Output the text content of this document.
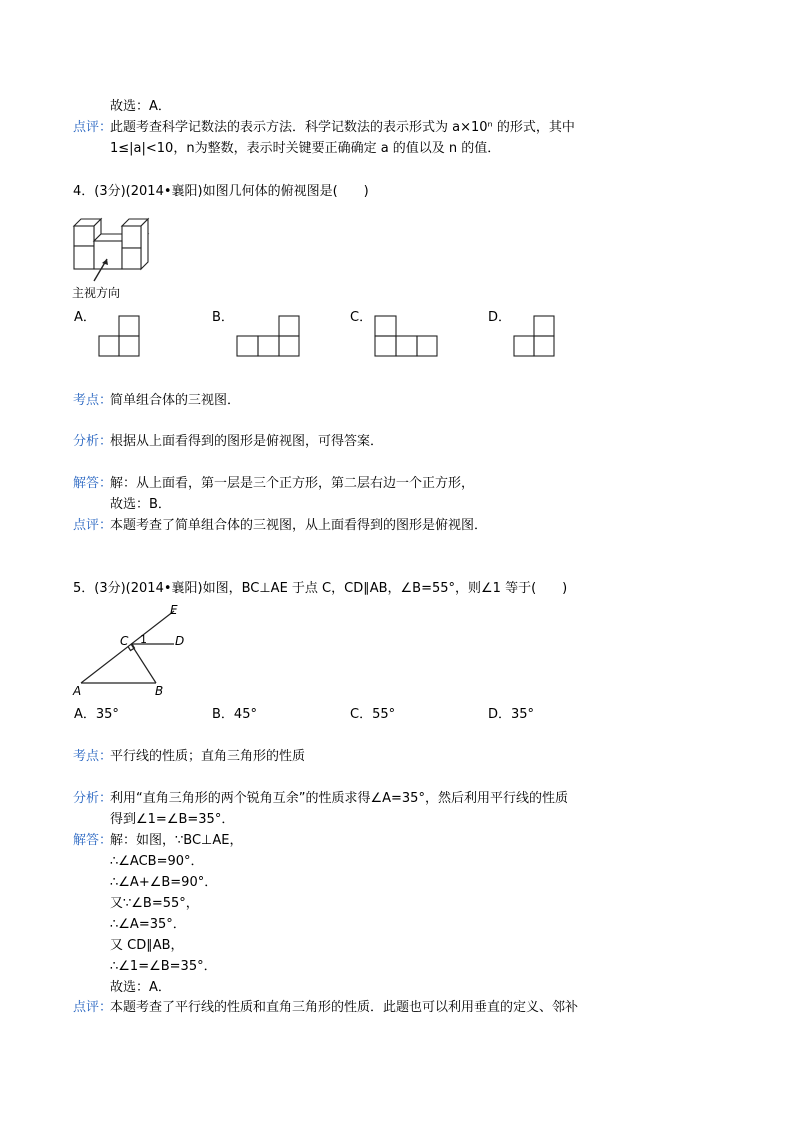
故选：A．
点评：
此题考查科学记数法的表示方法．科学记数法的表示形式为 a×10ⁿ 的形式，其中
1≤|a|<10，n为整数，表示时关键要正确确定 a 的值以及 n 的值．
4．(3分)(2014•襄阳)如图几何体的俯视图是(　　)
主视方向
A．	B．	C．	D．
考点：
简单组合体的三视图．
分析：
根据从上面看得到的图形是俯视图，可得答案．
解答：
解：从上面看，第一层是三个正方形，第二层右边一个正方形，
故选：B．
点评：
本题考查了简单组合体的三视图，从上面看得到的图形是俯视图．
5．(3分)(2014•襄阳)如图，BC⊥AE 于点 C，CD∥AB，∠B=55°，则∠1 等于(　　)
E
C 1 D
A	B
A．35°	B．45°	C．55°	D．35°
考点：
平行线的性质；直角三角形的性质
分析：
利用“直角三角形的两个锐角互余”的性质求得∠A=35°，然后利用平行线的性质
得到∠1=∠B=35°．
解答：
解：如图，∵BC⊥AE，
∴∠ACB=90°．
∴∠A+∠B=90°．
又∵∠B=55°，
∴∠A=35°．
又 CD∥AB，
∴∠1=∠B=35°．
故选：A．
点评：
本题考查了平行线的性质和直角三角形的性质．此题也可以利用垂直的定义、邻补
